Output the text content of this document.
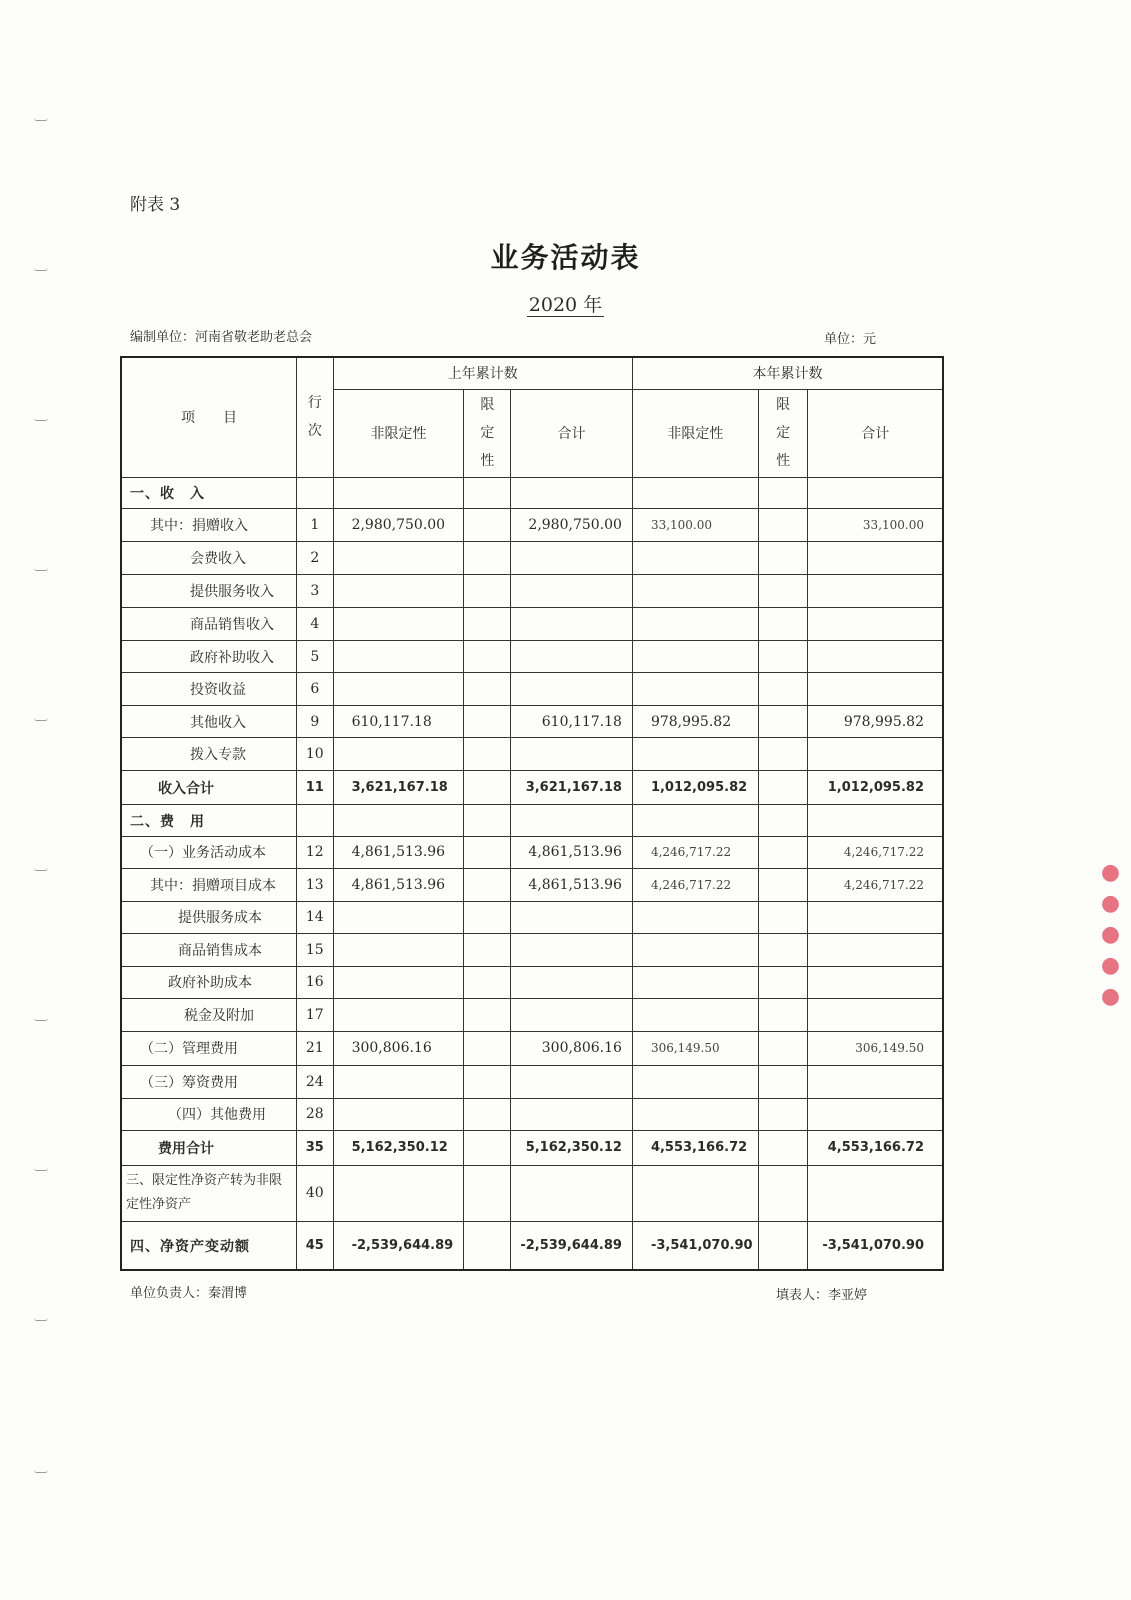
附表 3
业务活动表
2020 年
编制单位：河南省敬老助老总会	单位：元
●●●●●
项　　目	行次	上年累计数			本年累计数		
		非限定性	限定性	合计	非限定性	限定性	合计
一、收　入							
其中：捐赠收入	1	2,980,750.00		2,980,750.00	33,100.00		33,100.00
会费收入	2						
提供服务收入	3						
商品销售收入	4						
政府补助收入	5						
投资收益	6						
其他收入	9	610,117.18		610,117.18	978,995.82		978,995.82
拨入专款	10						
收入合计	11	3,621,167.18		3,621,167.18	1,012,095.82		1,012,095.82
二、费　用							
（一）业务活动成本	12	4,861,513.96		4,861,513.96	4,246,717.22		4,246,717.22
其中：捐赠项目成本	13	4,861,513.96		4,861,513.96	4,246,717.22		4,246,717.22
提供服务成本	14						
商品销售成本	15						
政府补助成本	16						
税金及附加	17						
（二）管理费用	21	300,806.16		300,806.16	306,149.50		306,149.50
（三）筹资费用	24						
（四）其他费用	28						
费用合计	35	5,162,350.12		5,162,350.12	4,553,166.72		4,553,166.72
三、限定性净资产转为非限定性净资产	40						
四、净资产变动额	45	-2,539,644.89		-2,539,644.89	-3,541,070.90		-3,541,070.90
单位负责人：秦渭博	填表人：李亚婷
